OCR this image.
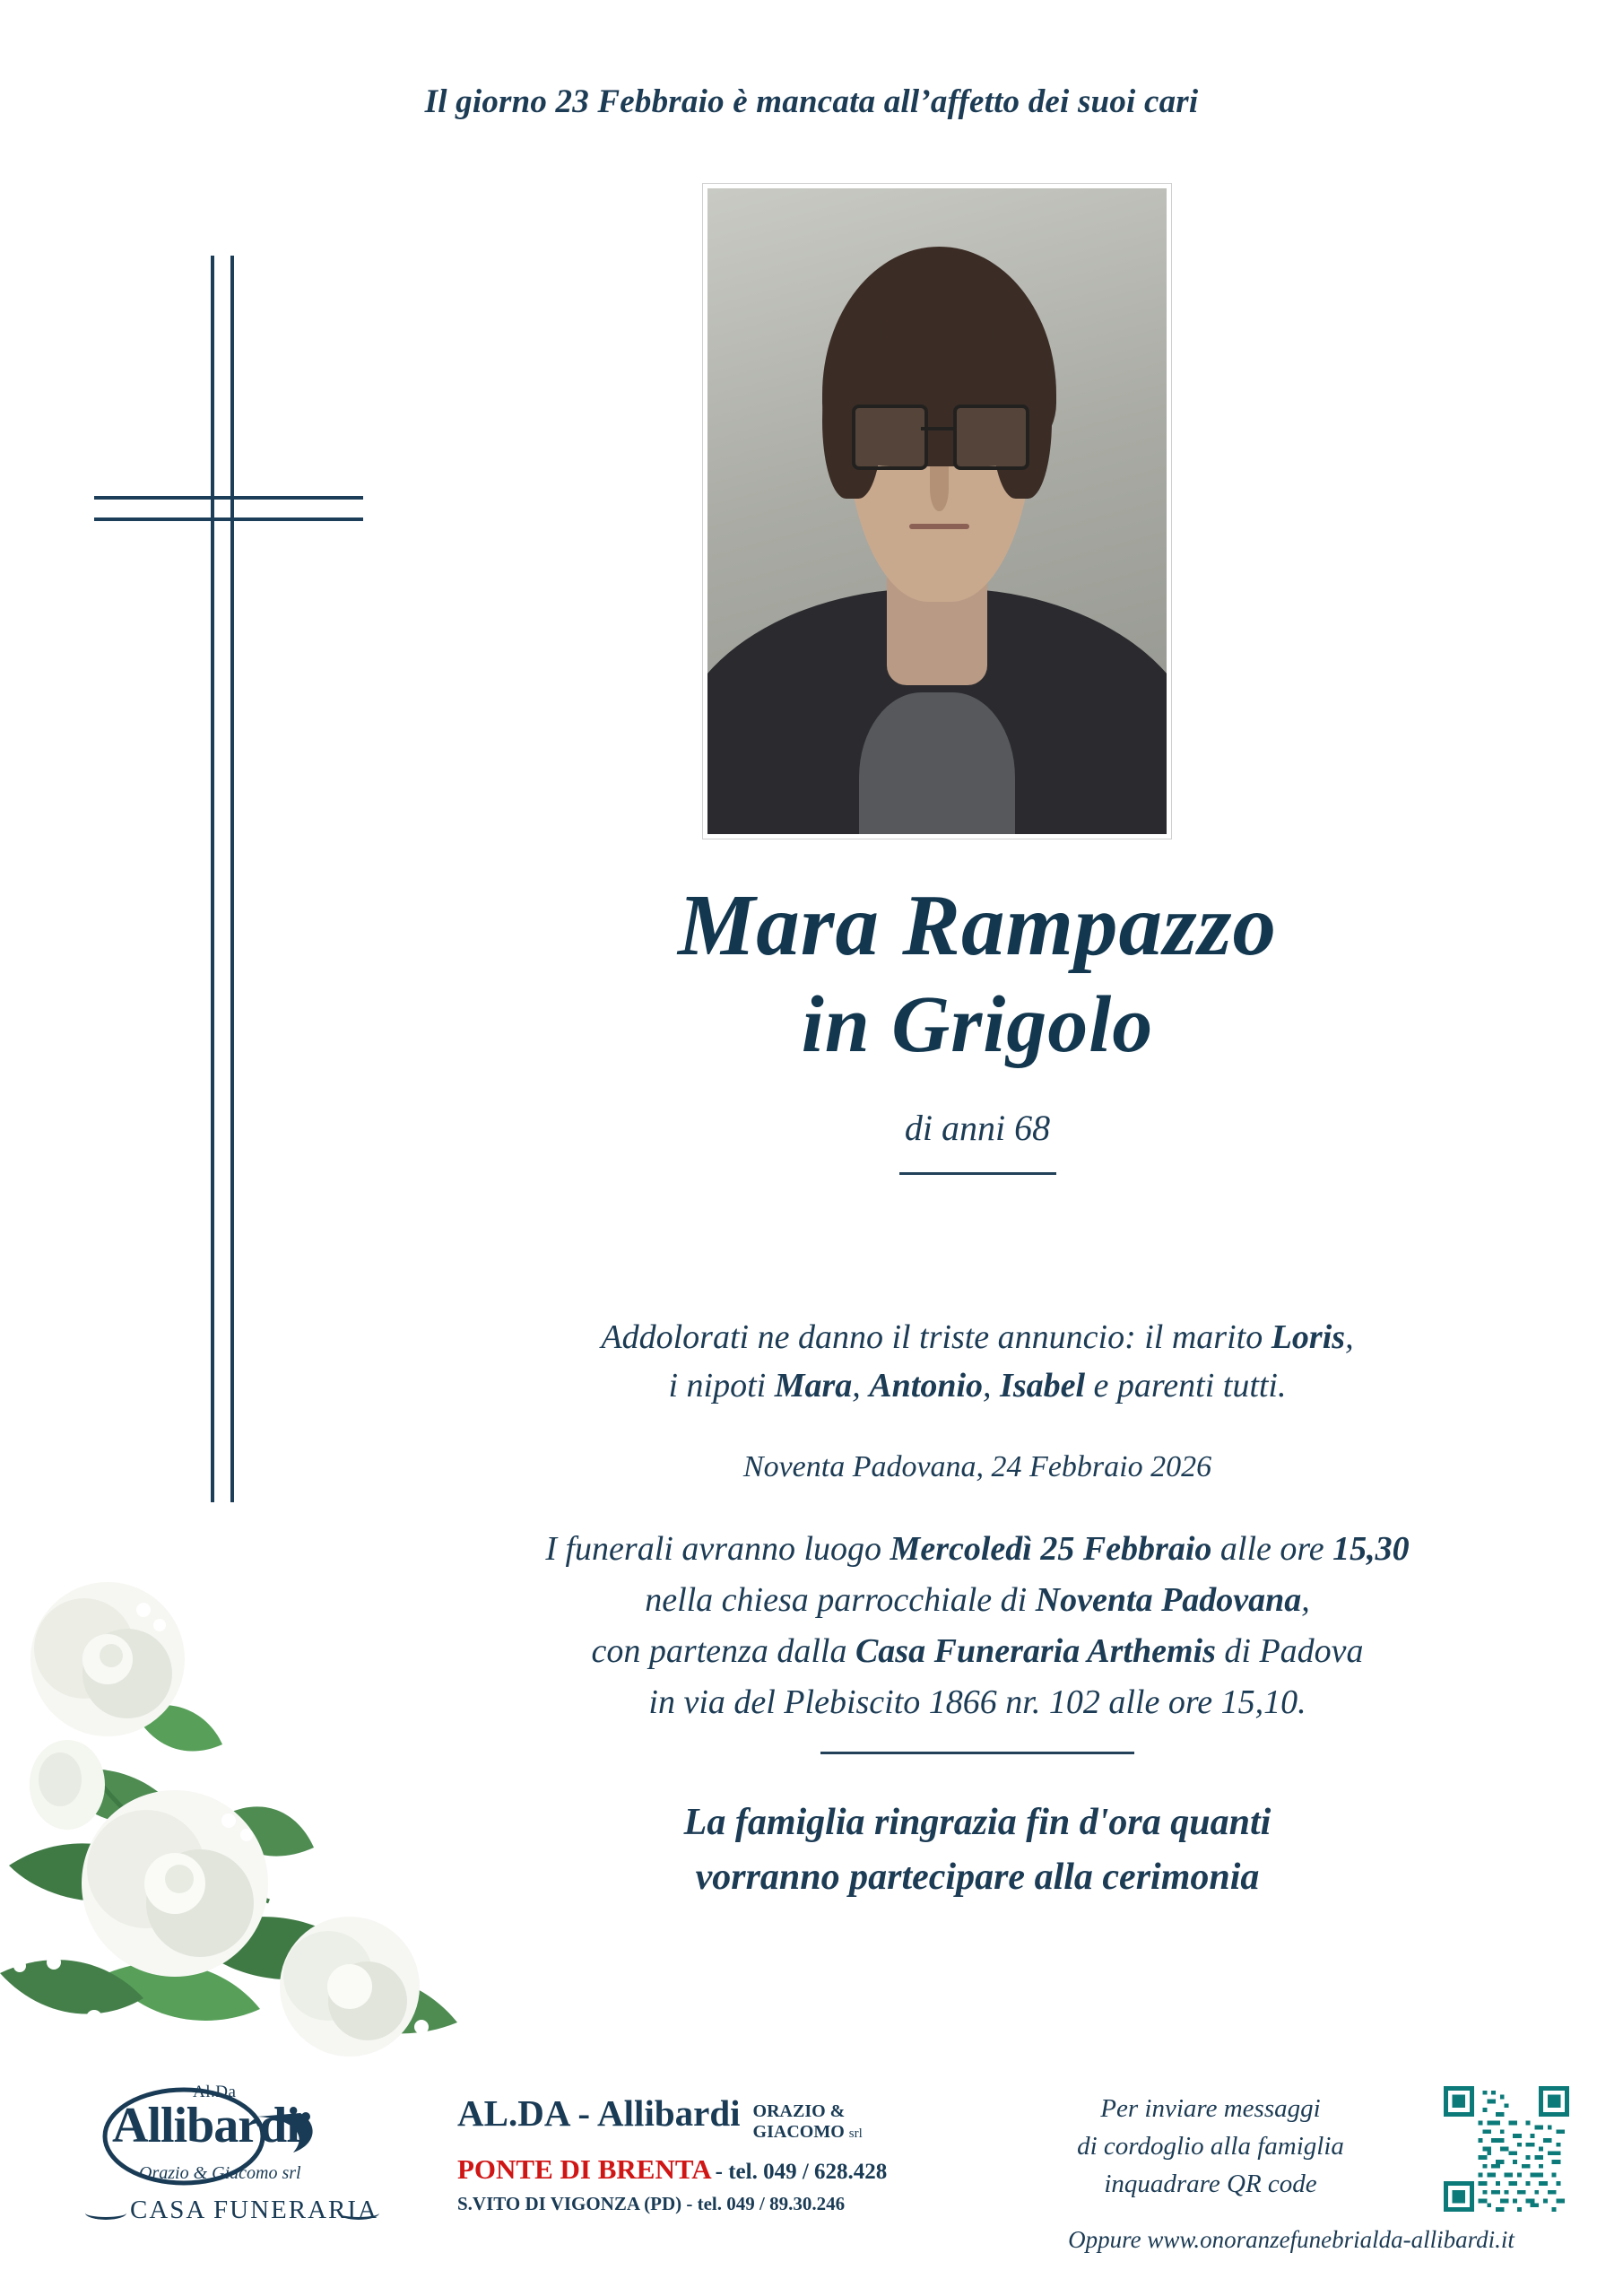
Il giorno 23 Febbraio è mancata all’affetto dei suoi cari
Mara Rampazzo
in Grigolo
di anni 68
Addolorati ne danno il triste annuncio: il marito Loris,
i nipoti Mara, Antonio, Isabel e parenti tutti.
Noventa Padovana, 24 Febbraio 2026
I funerali avranno luogo Mercoledì 25 Febbraio alle ore 15,30
nella chiesa parrocchiale di Noventa Padovana,
con partenza dalla Casa Funeraria Arthemis di Padova
in via del Plebiscito 1866 nr. 102 alle ore 15,10.
La famiglia ringrazia fin d'ora quanti
vorranno partecipare alla cerimonia
Al.Da
Allibardi
Orazio & Giacomo srl
CASA FUNERARIA
AL.DA - Allibardi ORAZIO &
GIACOMO srl
PONTE DI BRENTA - tel. 049 / 628.428
S.VITO DI VIGONZA (PD) - tel. 049 / 89.30.246
Per inviare messaggi
di cordoglio alla famiglia
inquadrare QR code
Oppure www.onoranzefunebrialda-allibardi.it
